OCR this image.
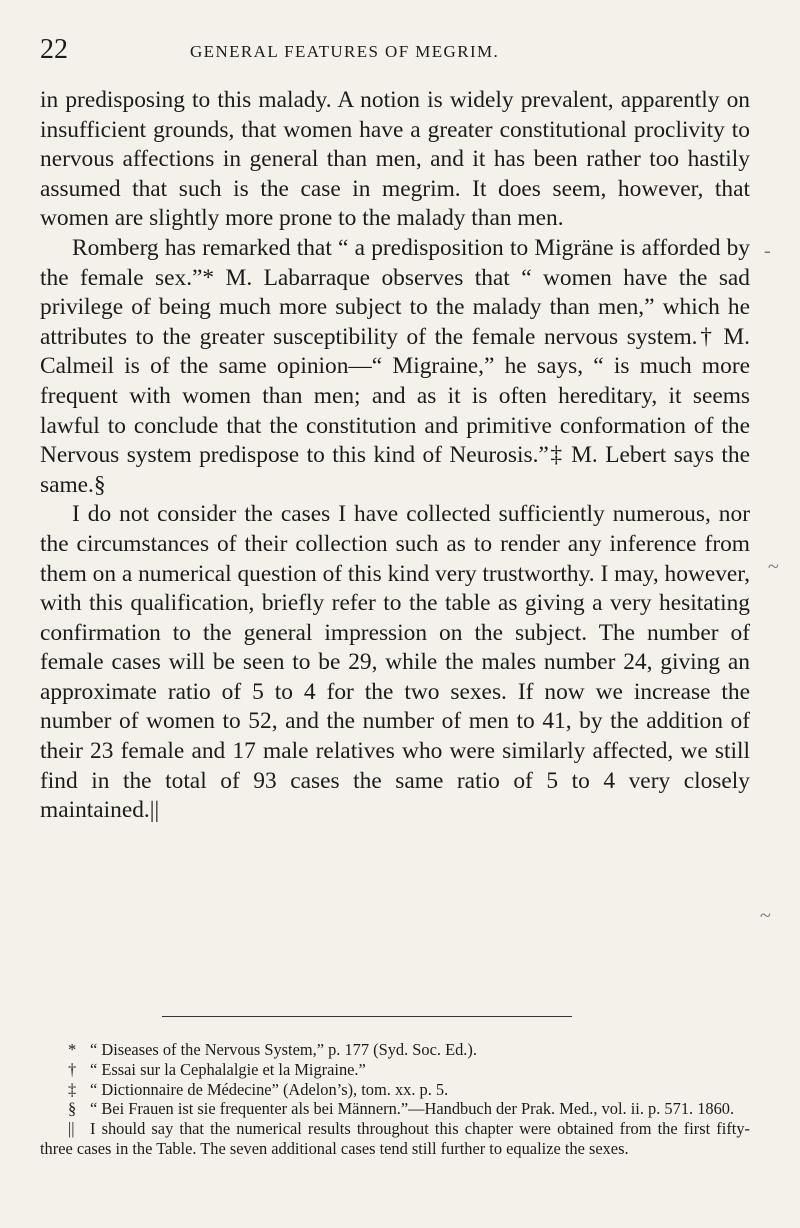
22	GENERAL FEATURES OF MEGRIM.

in predisposing to this malady. A notion is widely prevalent, apparently on insufficient grounds, that women have a greater constitutional proclivity to nervous affections in general than men, and it has been rather too hastily assumed that such is the case in megrim. It does seem, however, that women are slightly more prone to the malady than men.

Romberg has remarked that “ a predisposition to Migräne is afforded by the female sex.”* M. Labarraque observes that “ women have the sad privilege of being much more subject to the malady than men,” which he attributes to the greater susceptibility of the female nervous system.† M. Calmeil is of the same opinion—“ Migraine,” he says, “ is much more frequent with women than men; and as it is often hereditary, it seems lawful to conclude that the constitution and primitive conformation of the Nervous system predispose to this kind of Neurosis.”‡ M. Lebert says the same.§

I do not consider the cases I have collected sufficiently numerous, nor the circumstances of their collection such as to render any inference from them on a numerical question of this kind very trustworthy. I may, however, with this qualification, briefly refer to the table as giving a very hesitating confirmation to the general impression on the subject. The number of female cases will be seen to be 29, while the males number 24, giving an approximate ratio of 5 to 4 for the two sexes. If now we increase the number of women to 52, and the number of men to 41, by the addition of their 23 female and 17 male relatives who were similarly affected, we still find in the total of 93 cases the same ratio of 5 to 4 very closely maintained.||

* “ Diseases of the Nervous System,” p. 177 (Syd. Soc. Ed.).

† “ Essai sur la Cephalalgie et la Migraine.”

‡ “ Dictionnaire de Médecine” (Adelon’s), tom. xx. p. 5.

§ “ Bei Frauen ist sie frequenter als bei Männern.”—Handbuch der Prak. Med., vol. ii. p. 571. 1860.

|| I should say that the numerical results throughout this chapter were obtained from the first fifty-three cases in the Table. The seven additional cases tend still further to equalize the sexes.

-
~
~
